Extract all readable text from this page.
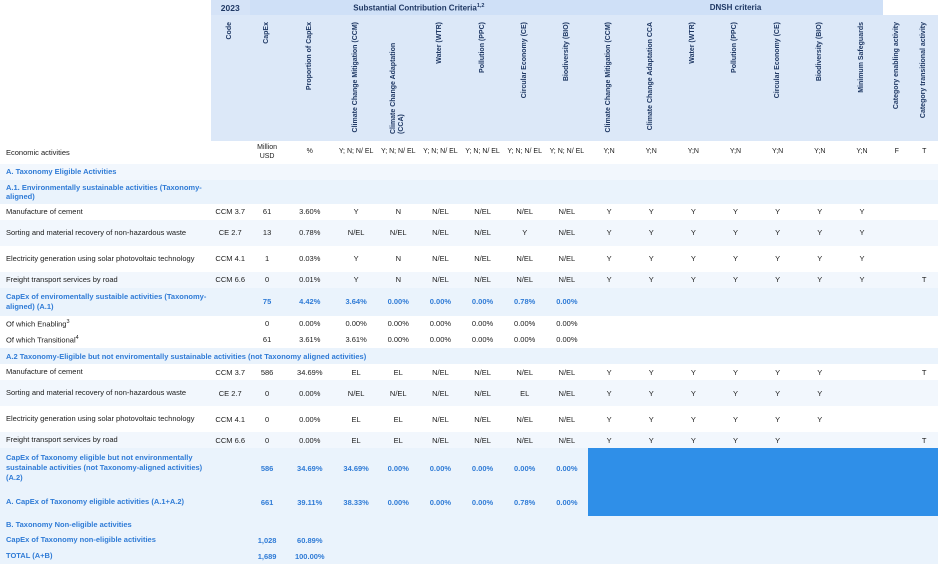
	2023	Substantial Contribution Criteria$^{1,2}$								DNSH criteria								

	Code	CapEx	Proportion of CapEx	Climate Change Mitigation (CCM)	Climate Change Adaptation (CCA)	Water (WTR)	Pollution (PPC)	Circular Economy (CE)	Biodiversity (BIO)	Climate Change Mitigation (CCM)	Climate Change Adaptation CCA	Water (WTR)	Pollution (PPC)	Circular Economy (CE)	Biodiversity (BIO)	Minimum Safeguards	Category enabling activity	Category transitional activity

Economic activities		Million USD	%	Y; N; N/ EL	Y; N; N/ EL	Y; N; N/ EL	Y; N; N/ EL	Y; N; N/ EL	Y; N; N/ EL	Y;N	Y;N	Y;N	Y;N	Y;N	Y;N	Y;N	F	T
A. Taxonomy Eligible Activities																		
A.1. Environmentally sustainable activities (Taxonomy-aligned)																		
Manufacture of cement	CCM 3.7	61	3.60%	Y	N	N/EL	N/EL	N/EL	N/EL	Y	Y	Y	Y	Y	Y	Y		
Sorting and material recovery of non-hazardous waste	CE 2.7	13	0.78%	N/EL	N/EL	N/EL	N/EL	Y	N/EL	Y	Y	Y	Y	Y	Y	Y		
Electricity generation using solar photovoltaic technology	CCM 4.1	1	0.03%	Y	N	N/EL	N/EL	N/EL	N/EL	Y	Y	Y	Y	Y	Y	Y		
Freight transport services by road	CCM 6.6	0	0.01%	Y	N	N/EL	N/EL	N/EL	N/EL	Y	Y	Y	Y	Y	Y	Y		T
CapEx of enviromentally sustaible activities (Taxonomy-aligned) (A.1)		75	4.42%	3.64%	0.00%	0.00%	0.00%	0.78%	0.00%									
Of which Enabling$^3$		0	0.00%	0.00%	0.00%	0.00%	0.00%	0.00%	0.00%									
Of which Transitional$^4$		61	3.61%	3.61%	0.00%	0.00%	0.00%	0.00%	0.00%									
A.2 Taxonomy-Eligible but not enviromentally sustainable activities (not Taxonomy aligned activities)																		
Manufacture of cement	CCM 3.7	586	34.69%	EL	EL	N/EL	N/EL	N/EL	N/EL	Y	Y	Y	Y	Y	Y			T
Sorting and material recovery of non-hazardous waste	CE 2.7	0	0.00%	N/EL	N/EL	N/EL	N/EL	EL	N/EL	Y	Y	Y	Y	Y	Y			
Electricity generation using solar photovoltaic technology	CCM 4.1	0	0.00%	EL	EL	N/EL	N/EL	N/EL	N/EL	Y	Y	Y	Y	Y	Y			
Freight transport services by road	CCM 6.6	0	0.00%	EL	EL	N/EL	N/EL	N/EL	N/EL	Y	Y	Y	Y	Y				T
CapEx of Taxonomy eligible but not environmentally sustainable activities (not Taxonomy-aligned activities) (A.2)		586	34.69%	34.69%	0.00%	0.00%	0.00%	0.00%	0.00%									
A. CapEx of Taxonomy eligible activities (A.1+A.2)		661	39.11%	38.33%	0.00%	0.00%	0.00%	0.78%	0.00%									
B. Taxonomy Non-eligible activities																		
CapEx of Taxonomy non-eligible activities		1,028	60.89%															
TOTAL (A+B)		1,689	100.00%															
